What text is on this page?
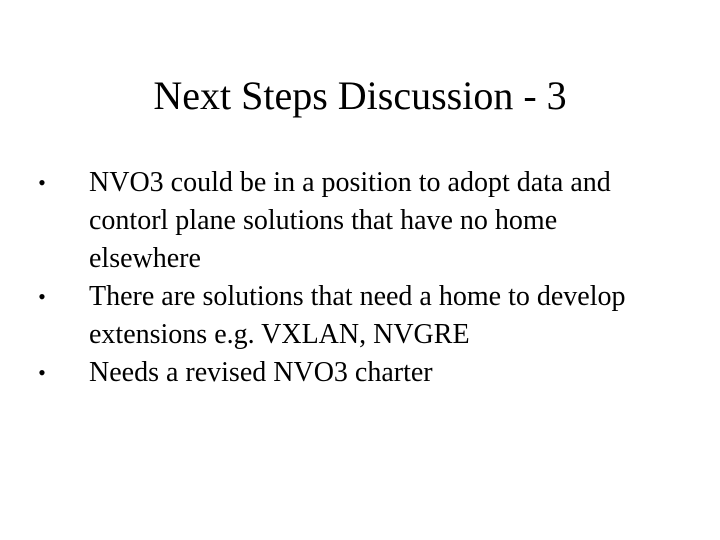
Next Steps Discussion - 3
• NVO3 could be in a position to adopt data and contorl plane solutions that have no home elsewhere
• There are solutions that need a home to develop extensions e.g. VXLAN, NVGRE
• Needs a revised NVO3 charter
